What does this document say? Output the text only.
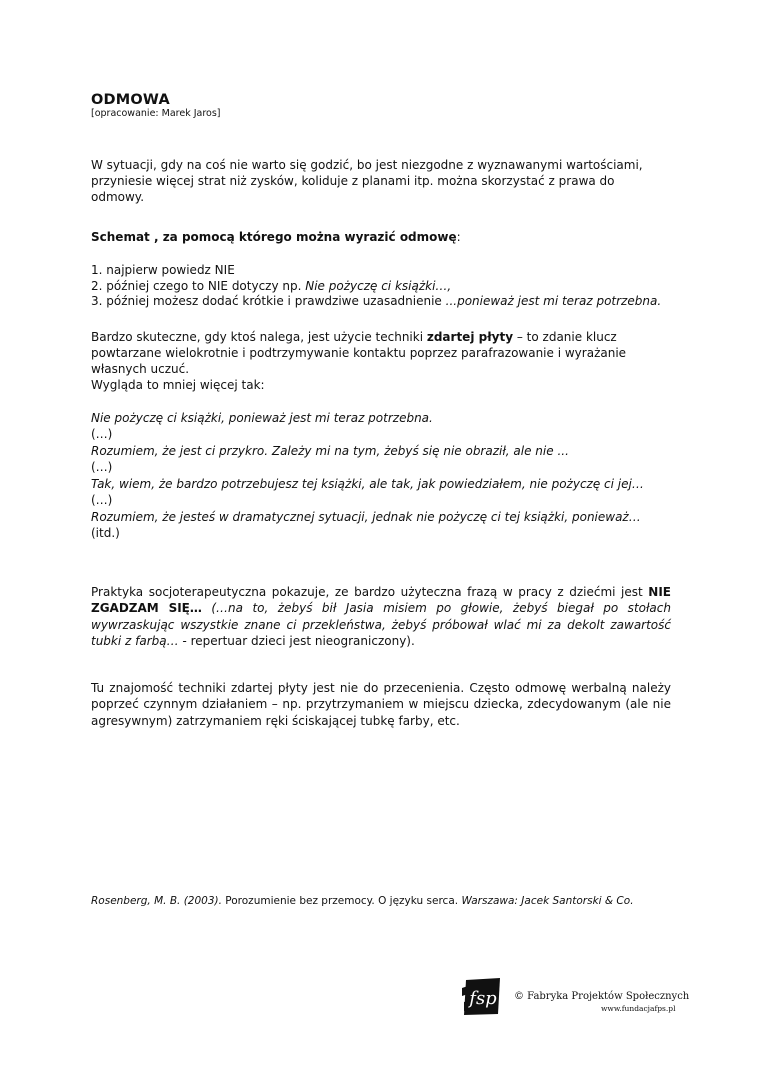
ODMOWA
[opracowanie: Marek Jaros]

W sytuacji, gdy na coś nie warto się godzić, bo jest niezgodne z wyznawanymi wartościami, przyniesie więcej strat niż zysków, koliduje z planami itp. można skorzystać z prawa do odmowy.

Schemat , za pomocą którego można wyrazić odmowę:

1. najpierw powiedz NIE
2. później czego to NIE dotyczy np. Nie pożyczę ci książki…,
3. później możesz dodać krótkie i prawdziwe uzasadnienie ...ponieważ jest mi teraz potrzebna.

Bardzo skuteczne, gdy ktoś nalega, jest użycie techniki zdartej płyty – to zdanie klucz powtarzane wielokrotnie i podtrzymywanie kontaktu poprzez parafrazowanie i wyrażanie własnych uczuć.
Wygląda to mniej więcej tak:

Nie pożyczę ci książki, ponieważ jest mi teraz potrzebna.
(…)
Rozumiem, że jest ci przykro. Zależy mi na tym, żebyś się nie obraził, ale nie ...
(…)
Tak, wiem, że bardzo potrzebujesz tej książki, ale tak, jak powiedziałem, nie pożyczę ci jej…
(…)
Rozumiem, że jesteś w dramatycznej sytuacji, jednak nie pożyczę ci tej książki, ponieważ… (itd.)

Praktyka socjoterapeutyczna pokazuje, ze bardzo użyteczna frazą w pracy z dziećmi jest NIE ZGADZAM SIĘ… (…na to, żebyś bił Jasia misiem po głowie, żebyś biegał po stołach wywrzaskując wszystkie znane ci przekleństwa, żebyś próbował wlać mi za dekolt zawartość tubki z farbą… - repertuar dzieci jest nieograniczony).

Tu znajomość techniki zdartej płyty jest nie do przecenienia. Często odmowę werbalną należy poprzeć czynnym działaniem – np. przytrzymaniem w miejscu dziecka, zdecydowanym (ale nie agresywnym) zatrzymaniem ręki ściskającej tubkę farby, etc.

Rosenberg, M. B. (2003). Porozumienie bez przemocy. O języku serca. Warszawa: Jacek Santorski & Co.
fsp © Fabryka Projektów Społecznych
www.fundacjafps.pl
